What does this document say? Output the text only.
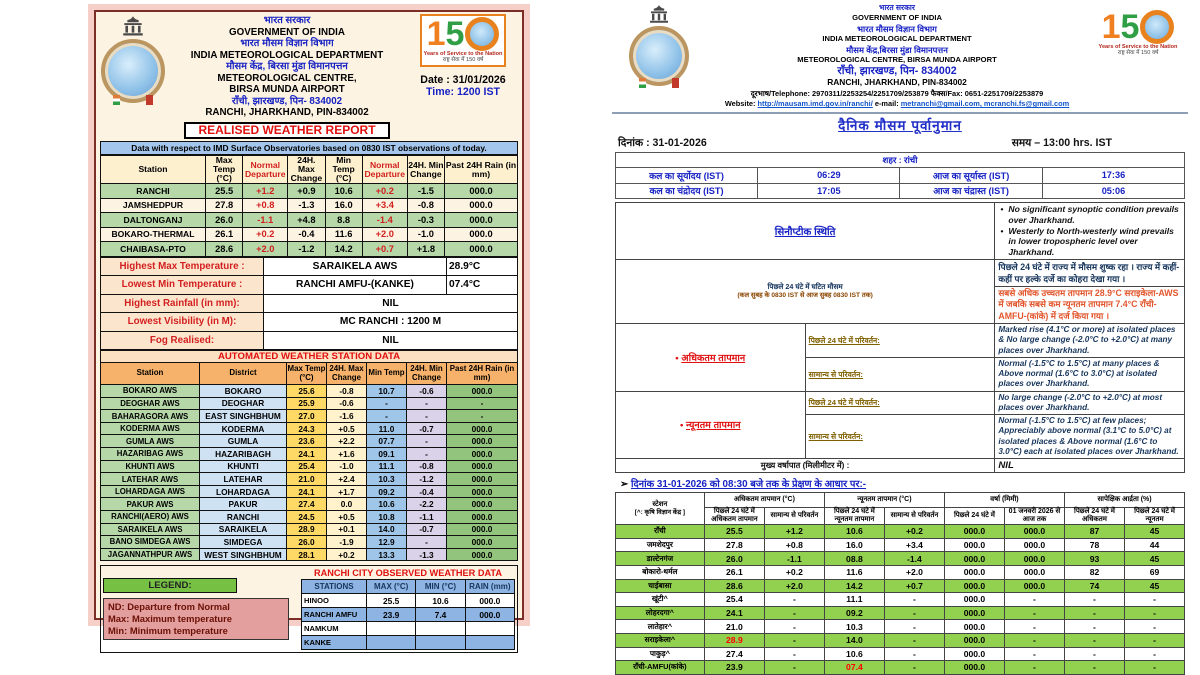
भारत सरकार
GOVERNMENT OF INDIA
भारत मौसम विज्ञान विभाग
INDIA METEOROLOGICAL DEPARTMENT
मौसम केंद्र, बिरसा मुंडा विमानपत्तन
METEOROLOGICAL CENTRE,
BIRSA MUNDA AIRPORT
राँची, झारखण्ड, पिन- 834002
RANCHI, JHARKHAND, PIN-834002
REALISED WEATHER REPORT
1 5
Years of Service to the Nation
राष्ट्र सेवा में 150 वर्ष
Date : 31/01/2026
Time: 1200 IST
Data with respect to IMD Surface Observatories based on 0830 IST observations of today.
Station	Max Temp (°C)	Normal Departure	24H. Max Change	Min Temp (°C)	Normal Departure	24H. Min Change	Past 24H Rain (in mm)
RANCHI	25.5	+1.2	+0.9	10.6	+0.2	-1.5	000.0
JAMSHEDPUR	27.8	+0.8	-1.3	16.0	+3.4	-0.8	000.0
DALTONGANJ	26.0	-1.1	+4.8	8.8	-1.4	-0.3	000.0
BOKARO-THERMAL	26.1	+0.2	-0.4	11.6	+2.0	-1.0	000.0
CHAIBASA-PTO	28.6	+2.0	-1.2	14.2	+0.7	+1.8	000.0
Highest Max Temperature :	SARAIKELA AWS	28.9°C
Lowest Min Temperature :	RANCHI AMFU-(KANKE)	07.4°C
Highest Rainfall (in mm):	NIL	
Lowest Visibility (in M):	MC RANCHI : 1200 M	
Fog Realised:	NIL	
AUTOMATED WEATHER STATION DATA
Station	District	Max Temp (°C)	24H. Max Change	Min Temp	24H. Min Change	Past 24H Rain (in mm)
BOKARO AWS	BOKARO	25.6	-0.8	10.7	-0.6	000.0
DEOGHAR AWS	DEOGHAR	25.9	-0.6	-	-	-
BAHARAGORA AWS	EAST SINGHBHUM	27.0	-1.6	-	-	-
KODERMA AWS	KODERMA	24.3	+0.5	11.0	-0.7	000.0
GUMLA AWS	GUMLA	23.6	+2.2	07.7	-	000.0
HAZARIBAG AWS	HAZARIBAGH	24.1	+1.6	09.1	-	000.0
KHUNTI AWS	KHUNTI	25.4	-1.0	11.1	-0.8	000.0
LATEHAR AWS	LATEHAR	21.0	+2.4	10.3	-1.2	000.0
LOHARDAGA AWS	LOHARDAGA	24.1	+1.7	09.2	-0.4	000.0
PAKUR AWS	PAKUR	27.4	0.0	10.6	-2.2	000.0
RANCHI(AERO) AWS	RANCHI	24.5	+0.5	10.8	-1.1	000.0
SARAIKELA AWS	SARAIKELA	28.9	+0.1	14.0	-0.7	000.0
BANO SIMDEGA AWS	SIMDEGA	26.0	-1.9	12.9	-	000.0
JAGANNATHPUR AWS	WEST SINGHBHUM	28.1	+0.2	13.3	-1.3	000.0
LEGEND:
ND: Departure from Normal
Max: Maximum temperature
Min: Minimum temperature
RANCHI CITY OBSERVED WEATHER DATA
STATIONS	MAX (°C)	MIN (°C)	RAIN (mm)
HINOO	25.5	10.6	000.0
RANCHI AMFU	23.9	7.4	000.0
NAMKUM			
KANKE			
भारत सरकार
GOVERNMENT OF INDIA
भारत मौसम विज्ञान विभाग
INDIA METEOROLOGICAL DEPARTMENT
मौसम केंद्र,बिरसा मुंडा विमानपत्तन
METEOROLOGICAL CENTRE, BIRSA MUNDA AIRPORT
राँची, झारखण्ड, पिन- 834002
RANCHI, JHARKHAND, PIN-834002
दूरभाष/Telephone: 2970311/2253254/2251709/253879 फैक्स/Fax: 0651-2251709/2253879
Website: http://mausam.imd.gov.in/ranchi/ e-mail: metranchi@gmail.com, mcranchi.fs@gmail.com
1 5
Years of Service to the Nation
राष्ट्र सेवा में 150 वर्ष
दैनिक मौसम पूर्वानुमान
दिनांक : 31-01-2026	समय – 13:00 hrs. IST
शहर : रांची			
कल का सूर्योदय (IST)	06:29	आज का सूर्यास्त (IST)	17:36
कल का चंद्रोदय (IST)	17:05	आज का चंद्रास्त (IST)	05:06
सिनौप्टीक स्थिति		• No significant synoptic condition prevails over Jharkhand.
• Westerly to North-westerly wind prevails in lower tropospheric level over Jharkhand.

पिछले 24 घंटे में घटित मौसम
(कल सुबह के 0830 IST से आज सुबह 0830 IST तक)		पिछले 24 घंटे में राज्य में मौसम शुष्क रहा । राज्य में कहीं-कहीं पर हल्के दर्जे का कोहरा देखा गया ।
		सबसे अधिक उच्चतम तापमान 28.9°C सराइकेला-AWS में जबकि सबसे कम न्यूनतम तापमान 7.4°C राँची-AMFU-(कांके) में दर्ज किया गया ।
• अधिकतम तापमान	पिछले 24 घंटे में परिवर्तन:	Marked rise (4.1°C or more) at isolated places & No large change (-2.0°C to +2.0°C) at many places over Jharkhand.
	सामान्य से परिवर्तन:	Normal (-1.5°C to 1.5°C) at many places & Above normal (1.6°C to 3.0°C) at isolated places over Jharkhand.
• न्यूनतम तापमान	पिछले 24 घंटे में परिवर्तन:	No large change (-2.0°C to +2.0°C) at most places over Jharkhand.
	सामान्य से परिवर्तन:	Normal (-1.5°C to 1.5°C) at few places; Appreciably above normal (3.1°C to 5.0°C) at isolated places & Above normal (1.6°C to 3.0°C) each at isolated places over Jharkhand.
मुख्य वर्षापात (मिलीमीटर में) :		NIL
➢ दिनांक 31-01-2026 को 08:30 बजे तक के प्रेक्षण के आधार पर:-
स्टेशन
[^: कृषि विज्ञान केंद्र ]	अधिकतम तापमान (°C)		न्यूनतम तापमान (°C)		वर्षा (मिमी)		सापेक्षिक आर्द्रता (%)	
	पिछले 24 घंटे में अधिकतम तापमान	सामान्य से परिवर्तन	पिछले 24 घंटे में न्यूनतम तापमान	सामान्य से परिवर्तन	पिछले 24 घंटे में	01 जनवरी 2026 से आज तक	पिछले 24 घंटे में अधिकतम	पिछले 24 घंटे में न्यूनतम
राँची	25.5	+1.2	10.6	+0.2	000.0	000.0	87	45
जमशेदपुर	27.8	+0.8	16.0	+3.4	000.0	000.0	78	44
डाल्टेनगंज	26.0	-1.1	08.8	-1.4	000.0	000.0	93	45
बोकारो-थर्मल	26.1	+0.2	11.6	+2.0	000.0	000.0	82	69
चाईबासा	28.6	+2.0	14.2	+0.7	000.0	000.0	74	45
खूंटी^	25.4	-	11.1	-	000.0	-	-	-
लोहरदगा^	24.1	-	09.2	-	000.0	-	-	-
लातेहार^	21.0	-	10.3	-	000.0	-	-	-
सराइकेला^	28.9	-	14.0	-	000.0	-	-	-
पाकुड़^	27.4	-	10.6	-	000.0	-	-	-
राँची-AMFU(कांके)	23.9	-	07.4	-	000.0	-	-	-
